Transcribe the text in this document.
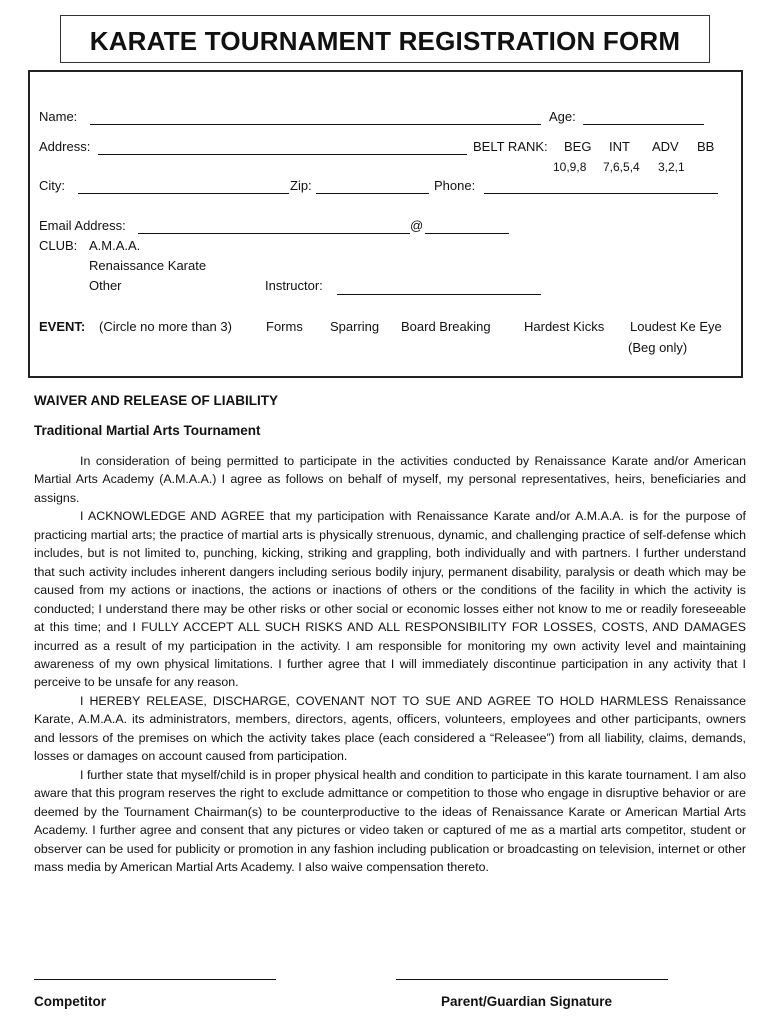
KARATE TOURNAMENT REGISTRATION FORM
Name:	Age:
Address:	BELT RANK: BEG INT ADV BB
10,9,8 7,6,5,4 3,2,1
City:	Zip:	Phone:
Email Address:	@
CLUB: A.M.A.A.
Renaissance Karate
Other	Instructor:
EVENT: (Circle no more than 3)	Forms Sparring Board Breaking	Hardest Kicks Loudest Ke Eye
(Beg only)
WAIVER AND RELEASE OF LIABILITY
Traditional Martial Arts Tournament

In consideration of being permitted to participate in the activities conducted by Renaissance Karate and/or American Martial Arts Academy (A.M.A.A.) I agree as follows on behalf of myself, my personal representatives, heirs, beneficiaries and assigns.

I ACKNOWLEDGE AND AGREE that my participation with Renaissance Karate and/or A.M.A.A. is for the purpose of practicing martial arts; the practice of martial arts is physically strenuous, dynamic, and challenging practice of self-defense which includes, but is not limited to, punching, kicking, striking and grappling, both individually and with partners. I further understand that such activity includes inherent dangers including serious bodily injury, permanent disability, paralysis or death which may be caused from my actions or inactions, the actions or inactions of others or the conditions of the facility in which the activity is conducted; I understand there may be other risks or other social or economic losses either not know to me or readily foreseeable at this time; and I FULLY ACCEPT ALL SUCH RISKS AND ALL RESPONSIBILITY FOR LOSSES, COSTS, AND DAMAGES incurred as a result of my participation in the activity. I am responsible for monitoring my own activity level and maintaining awareness of my own physical limitations. I further agree that I will immediately discontinue participation in any activity that I perceive to be unsafe for any reason.

I HEREBY RELEASE, DISCHARGE, COVENANT NOT TO SUE AND AGREE TO HOLD HARMLESS Renaissance Karate, A.M.A.A. its administrators, members, directors, agents, officers, volunteers, employees and other participants, owners and lessors of the premises on which the activity takes place (each considered a “Releasee”) from all liability, claims, demands, losses or damages on account caused from participation.

I further state that myself/child is in proper physical health and condition to participate in this karate tournament. I am also aware that this program reserves the right to exclude admittance or competition to those who engage in disruptive behavior or are deemed by the Tournament Chairman(s) to be counterproductive to the ideas of Renaissance Karate or American Martial Arts Academy. I further agree and consent that any pictures or video taken or captured of me as a martial arts competitor, student or observer can be used for publicity or promotion in any fashion including publication or broadcasting on television, internet or other mass media by American Martial Arts Academy. I also waive compensation thereto.

Competitor	Parent/Guardian Signature
